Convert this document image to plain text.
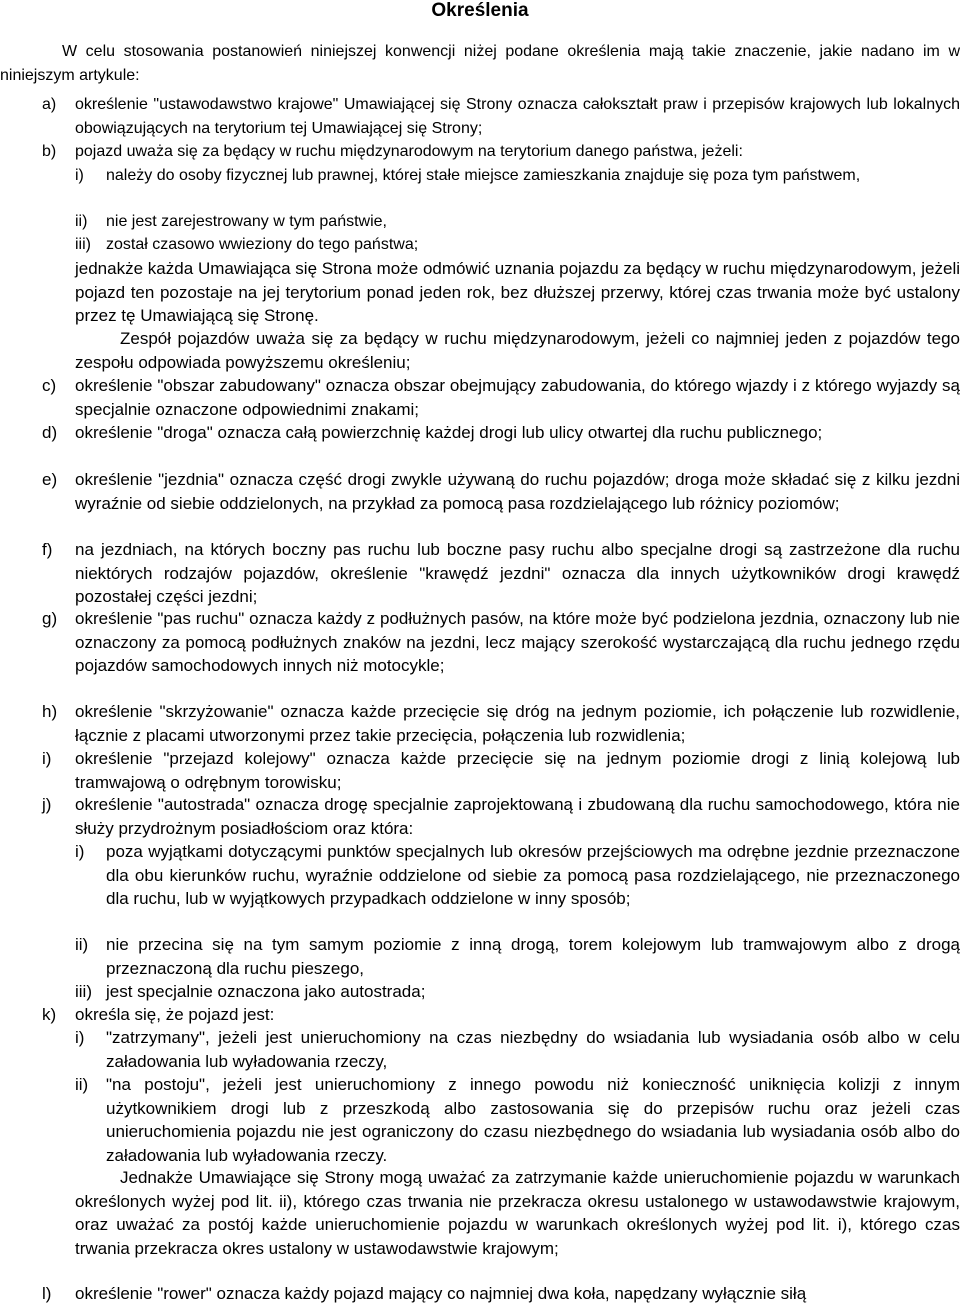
Określenia

W celu stosowania postanowień niniejszej konwencji niżej podane określenia mają takie znaczenie, jakie nadano im w niniejszym artykule:

a) określenie "ustawodawstwo krajowe" Umawiającej się Strony oznacza całokształt praw i przepisów krajowych lub lokalnych obowiązujących na terytorium tej Umawiającej się Strony;

b) pojazd uważa się za będący w ruchu międzynarodowym na terytorium danego państwa, jeżeli:

i) należy do osoby fizycznej lub prawnej, której stałe miejsce zamieszkania znajduje się poza tym państwem,

ii) nie jest zarejestrowany w tym państwie,

iii) został czasowo wwieziony do tego państwa;

jednakże każda Umawiająca się Strona może odmówić uznania pojazdu za będący w ruchu międzynarodowym, jeżeli pojazd ten pozostaje na jej terytorium ponad jeden rok, bez dłuższej przerwy, której czas trwania może być ustalony przez tę Umawiającą się Stronę.

Zespół pojazdów uważa się za będący w ruchu międzynarodowym, jeżeli co najmniej jeden z pojazdów tego zespołu odpowiada powyższemu określeniu;

c) określenie "obszar zabudowany" oznacza obszar obejmujący zabudowania, do którego wjazdy i z którego wyjazdy są specjalnie oznaczone odpowiednimi znakami;

d) określenie "droga" oznacza całą powierzchnię każdej drogi lub ulicy otwartej dla ruchu publicznego;

e) określenie "jezdnia" oznacza część drogi zwykle używaną do ruchu pojazdów; droga może składać się z kilku jezdni wyraźnie od siebie oddzielonych, na przykład za pomocą pasa rozdzielającego lub różnicy poziomów;

f) na jezdniach, na których boczny pas ruchu lub boczne pasy ruchu albo specjalne drogi są zastrzeżone dla ruchu niektórych rodzajów pojazdów, określenie "krawędź jezdni" oznacza dla innych użytkowników drogi krawędź pozostałej części jezdni;

g) określenie "pas ruchu" oznacza każdy z podłużnych pasów, na które może być podzielona jezdnia, oznaczony lub nie oznaczony za pomocą podłużnych znaków na jezdni, lecz mający szerokość wystarczającą dla ruchu jednego rzędu pojazdów samochodowych innych niż motocykle;

h) określenie "skrzyżowanie" oznacza każde przecięcie się dróg na jednym poziomie, ich połączenie lub rozwidlenie, łącznie z placami utworzonymi przez takie przecięcia, połączenia lub rozwidlenia;

i) określenie "przejazd kolejowy" oznacza każde przecięcie się na jednym poziomie drogi z linią kolejową lub tramwajową o odrębnym torowisku;

j) określenie "autostrada" oznacza drogę specjalnie zaprojektowaną i zbudowaną dla ruchu samochodowego, która nie służy przydrożnym posiadłościom oraz która:

i) poza wyjątkami dotyczącymi punktów specjalnych lub okresów przejściowych ma odrębne jezdnie przeznaczone dla obu kierunków ruchu, wyraźnie oddzielone od siebie za pomocą pasa rozdzielającego, nie przeznaczonego dla ruchu, lub w wyjątkowych przypadkach oddzielone w inny sposób;

ii) nie przecina się na tym samym poziomie z inną drogą, torem kolejowym lub tramwajowym albo z drogą przeznaczoną dla ruchu pieszego,

iii) jest specjalnie oznaczona jako autostrada;

k) określa się, że pojazd jest:

i) "zatrzymany", jeżeli jest unieruchomiony na czas niezbędny do wsiadania lub wysiadania osób albo w celu załadowania lub wyładowania rzeczy,

ii) "na postoju", jeżeli jest unieruchomiony z innego powodu niż konieczność uniknięcia kolizji z innym użytkownikiem drogi lub z przeszkodą albo zastosowania się do przepisów ruchu oraz jeżeli czas unieruchomienia pojazdu nie jest ograniczony do czasu niezbędnego do wsiadania lub wysiadania osób albo do załadowania lub wyładowania rzeczy.

Jednakże Umawiające się Strony mogą uważać za zatrzymanie każde unieruchomienie pojazdu w warunkach określonych wyżej pod lit. ii), którego czas trwania nie przekracza okresu ustalonego w ustawodawstwie krajowym, oraz uważać za postój każde unieruchomienie pojazdu w warunkach określonych wyżej pod lit. i), którego czas trwania przekracza okres ustalony w ustawodawstwie krajowym;

l) określenie "rower" oznacza każdy pojazd mający co najmniej dwa koła, napędzany wyłącznie siłą
